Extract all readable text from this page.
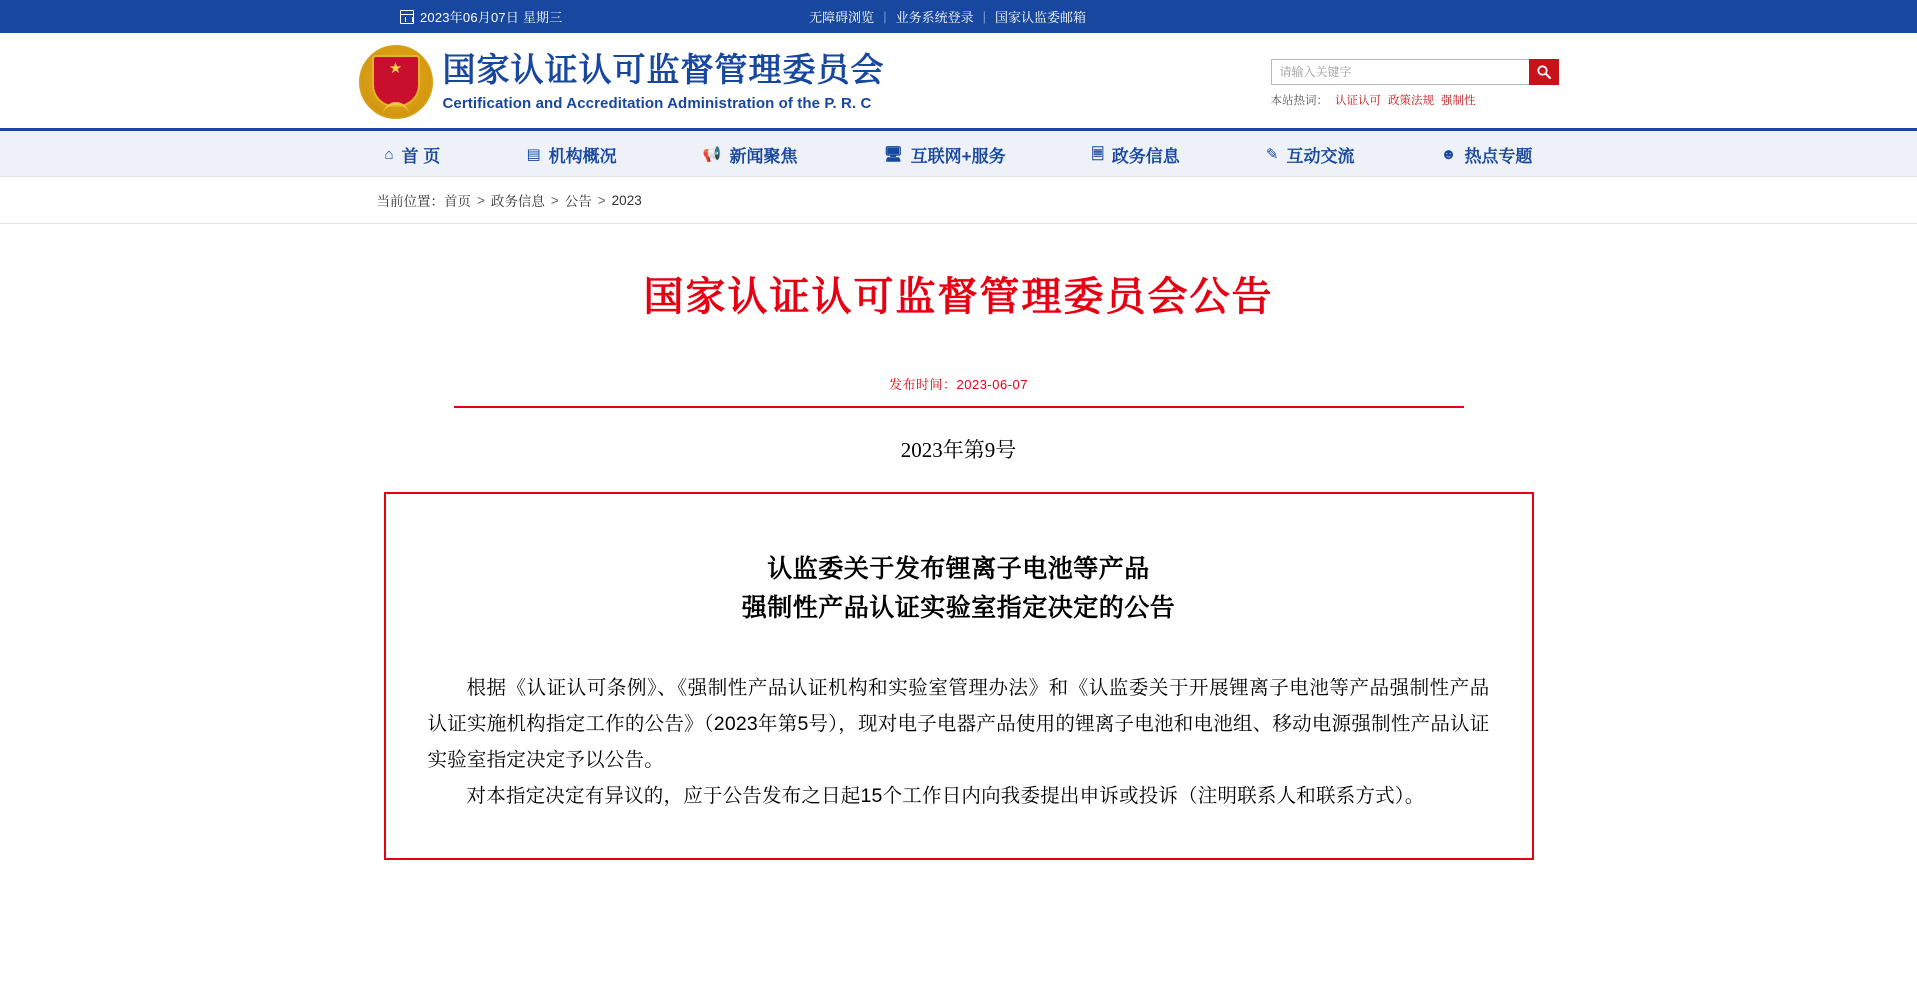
2023年06月07日 星期三	无障碍浏览 | 业务系统登录 | 国家认监委邮箱
★
国家认证认可监督管理委员会
Certification and Accreditation Administration of the P. R. C
请输入关键字	本站热词： 认证认可 政策法规 强制性
⌂ 首 页	▤ 机构概况	📢 新闻聚焦	🖥 互联网+服务	🗏 政务信息	✎ 互动交流	☻ 热点专题
当前位置： 首页 > 政务信息 > 公告 > 2023
国家认证认可监督管理委员会公告
发布时间：2023-06-07
2023年第9号
认监委关于发布锂离子电池等产品
强制性产品认证实验室指定决定的公告

根据《认证认可条例》、《强制性产品认证机构和实验室管理办法》和《认监委关于开展锂离子电池等产品强制性产品认证实施机构指定工作的公告》（2023年第5号），现对电子电器产品使用的锂离子电池和电池组、移动电源强制性产品认证实验室指定决定予以公告。

对本指定决定有异议的，应于公告发布之日起15个工作日内向我委提出申诉或投诉（注明联系人和联系方式）。
